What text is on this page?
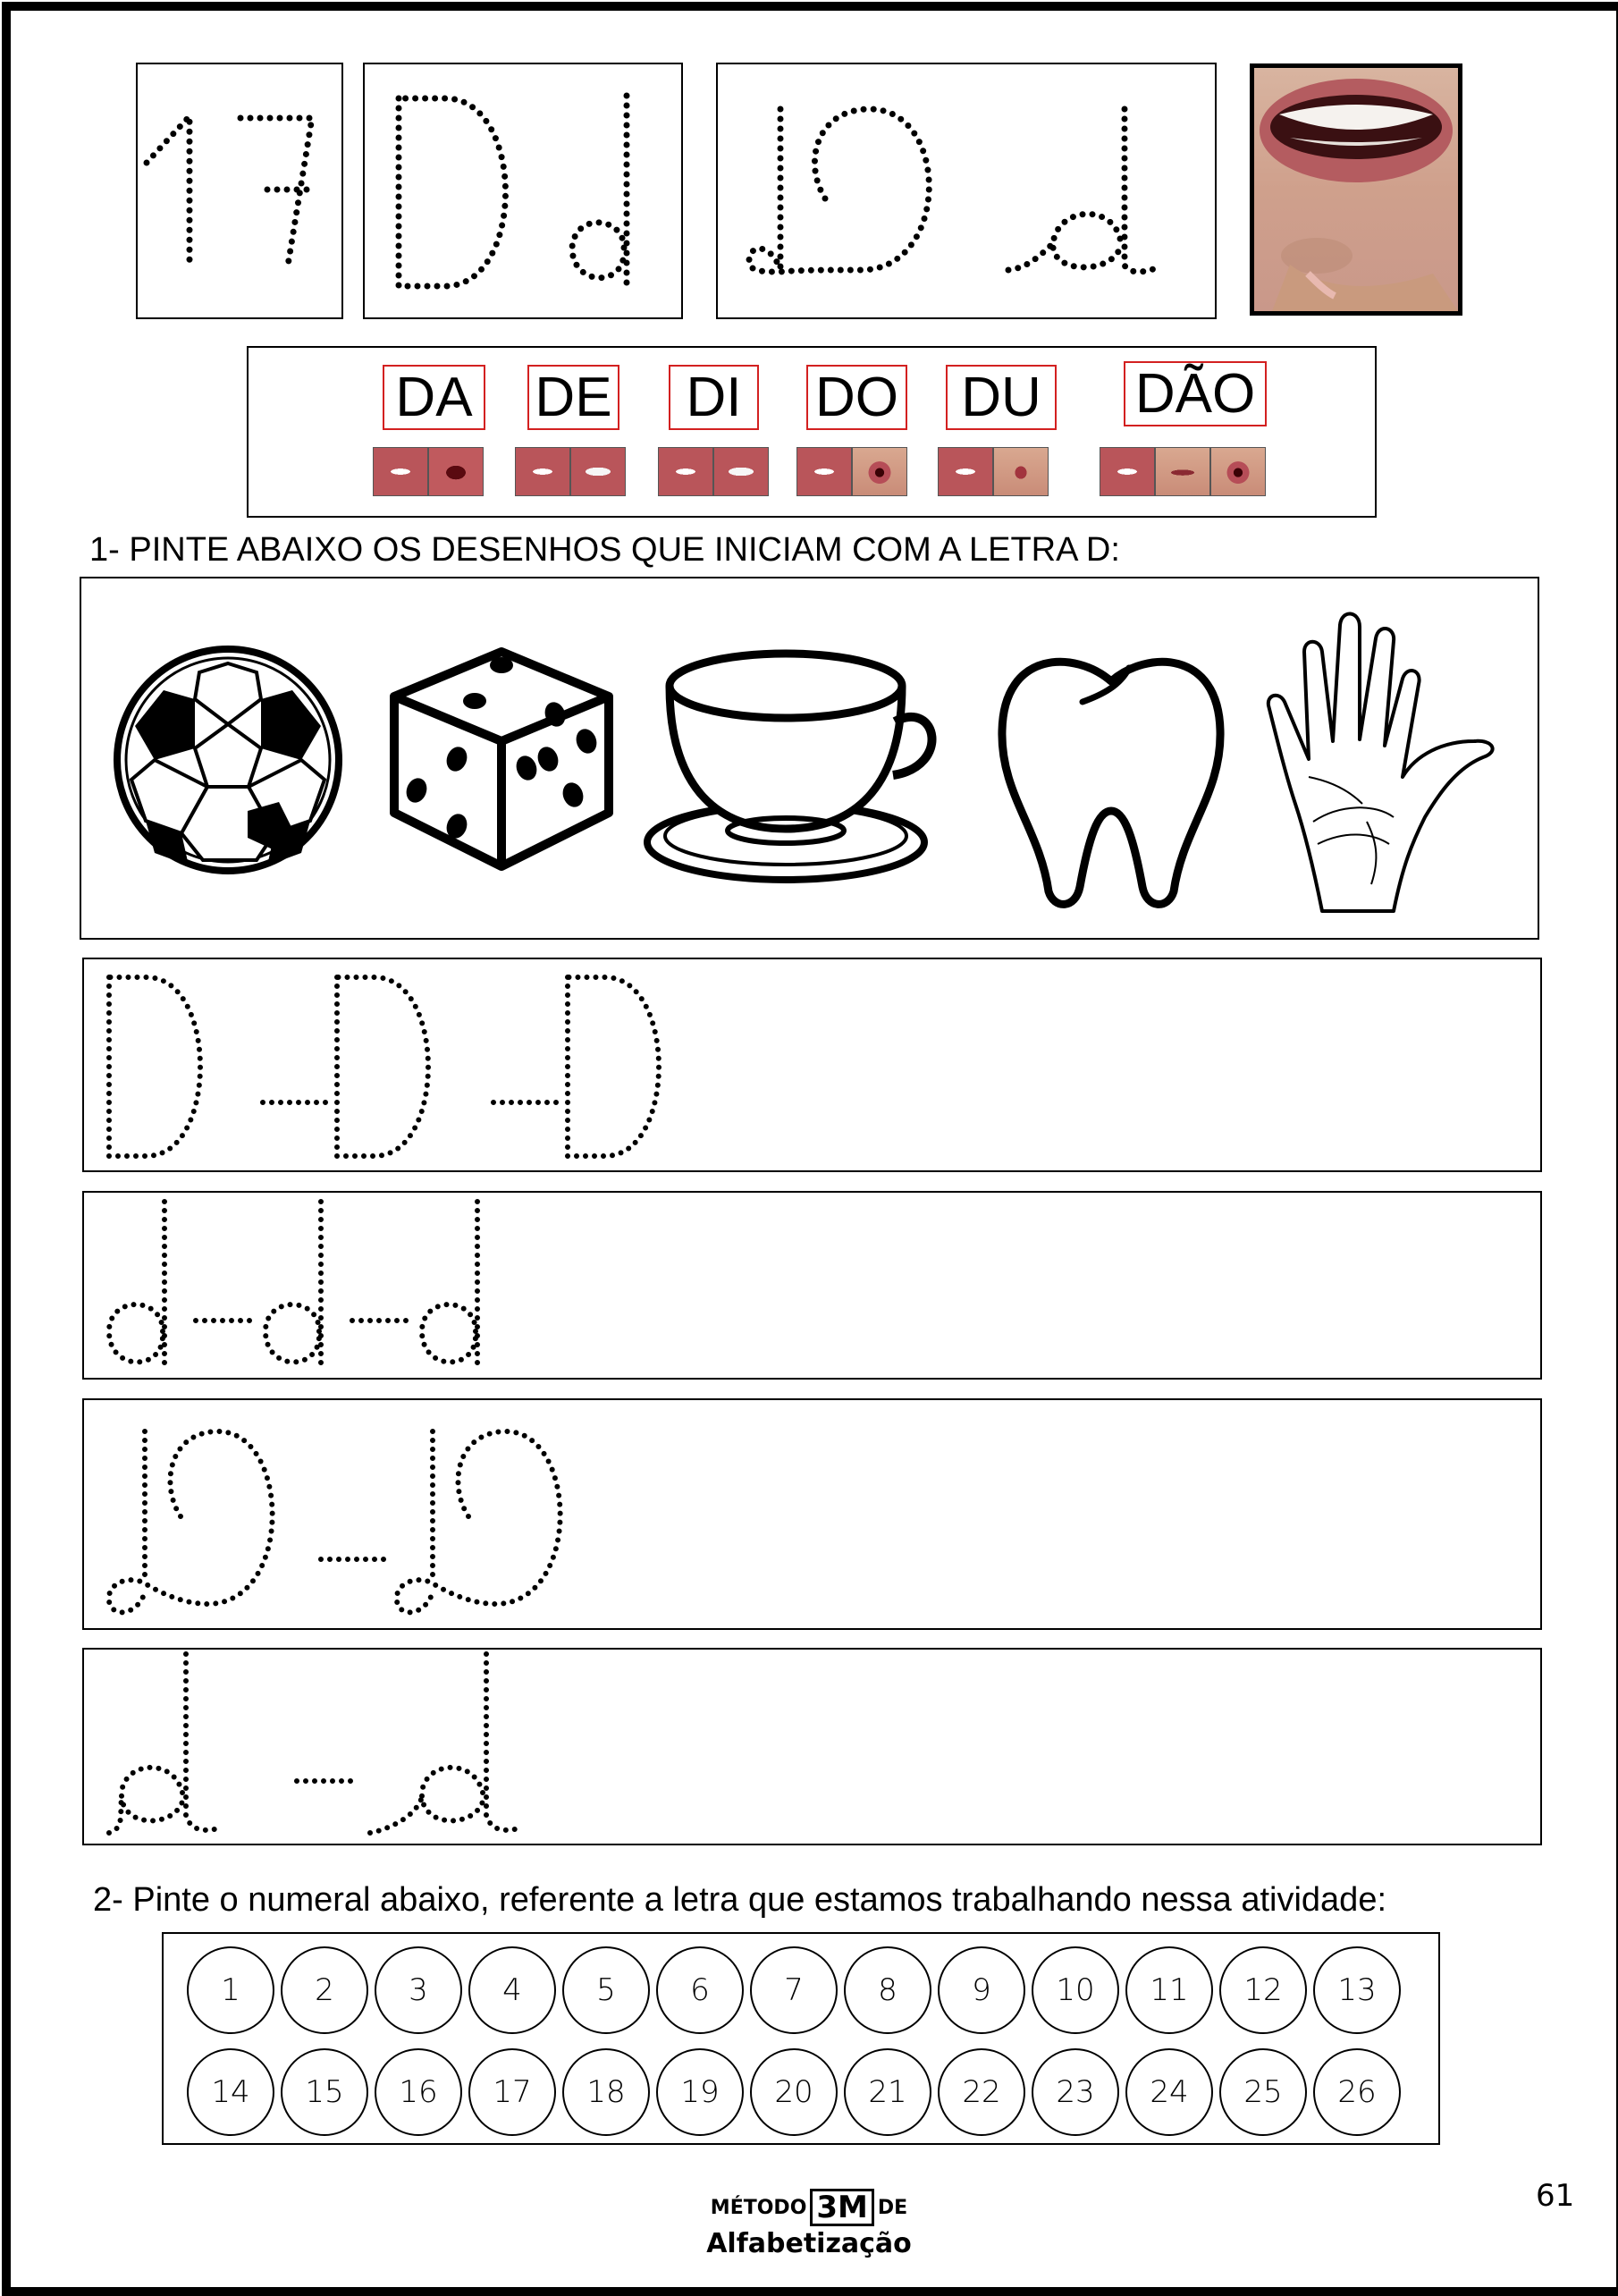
DA DE	DI	DO DU DÃO
1- PINTE ABAIXO OS DESENHOS QUE INICIAM COM A LETRA D:
2- Pinte o numeral abaixo, referente a letra que estamos trabalhando nessa atividade:
1	2	3	4	5	6	7	8	9	10	11	12	13
14	15	16	17	18	19	20	21	22	23	24	25	26
MÉTODO 3M DE
Alfabetização
61
